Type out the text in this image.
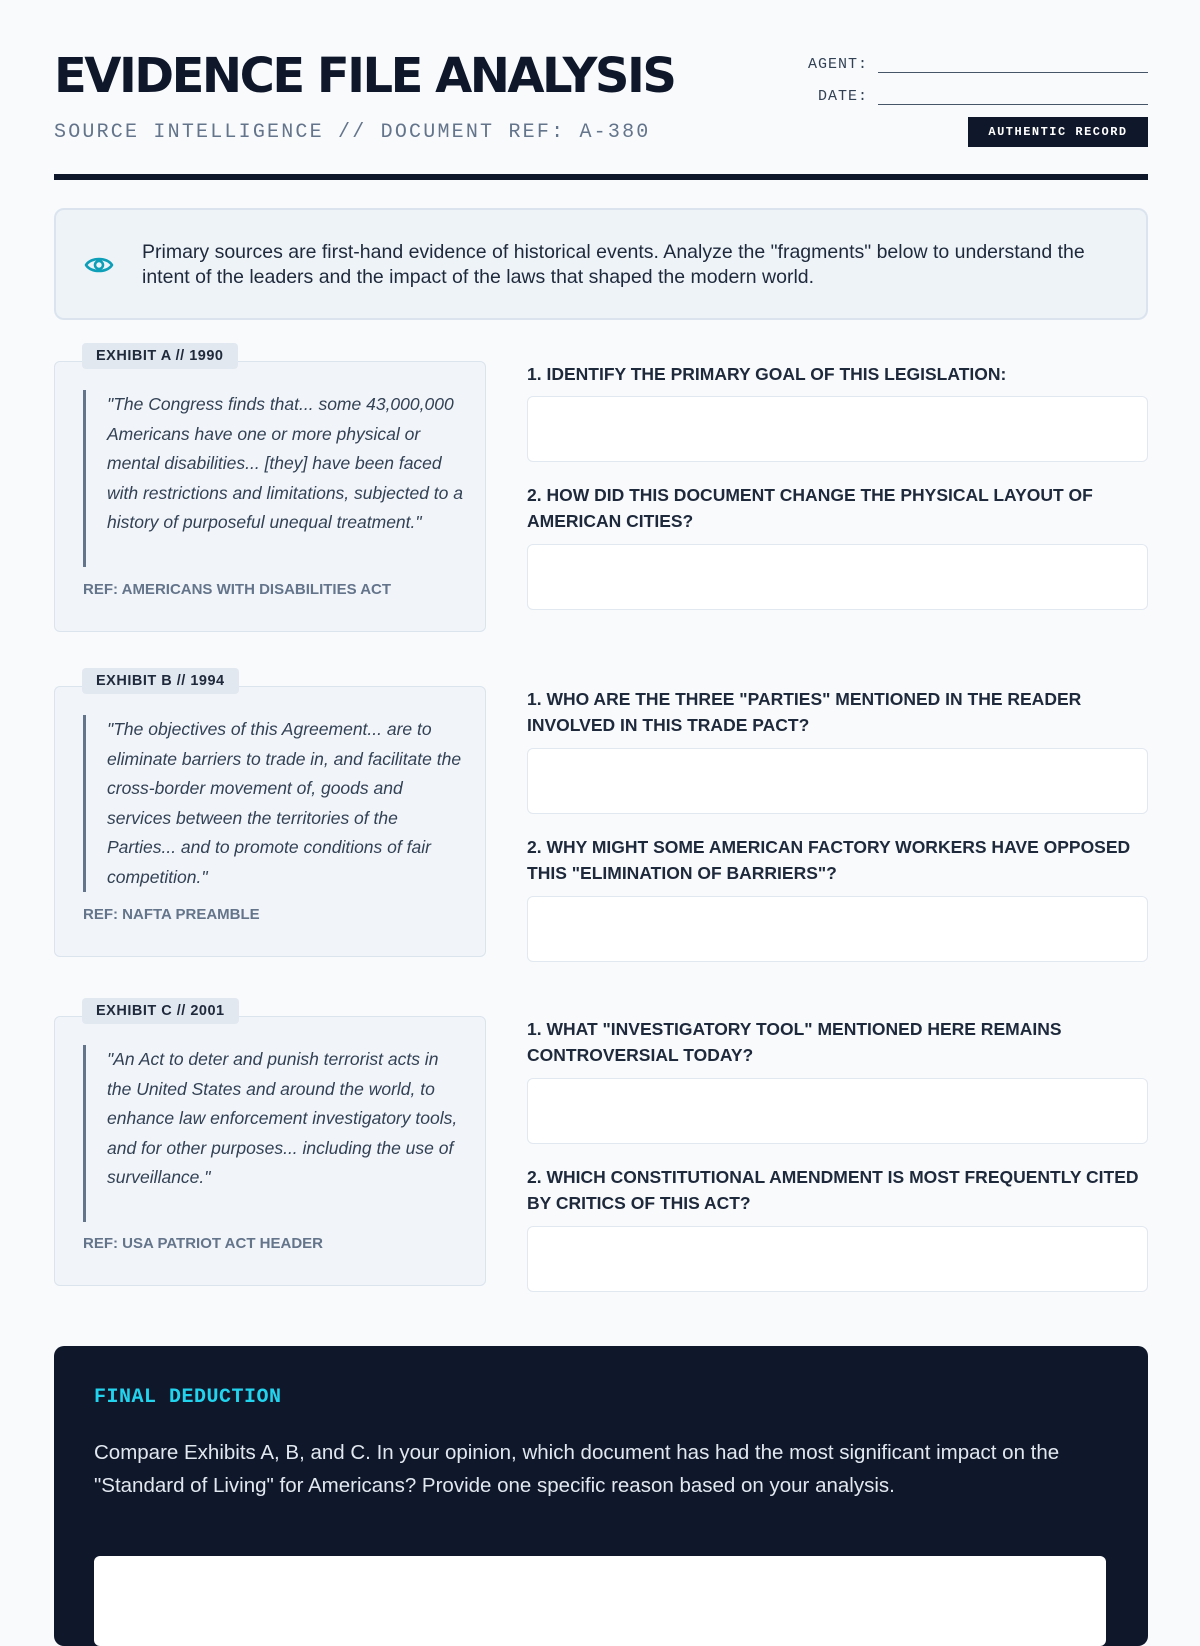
EVIDENCE FILE ANALYSIS
SOURCE INTELLIGENCE // DOCUMENT REF: A-380
AGENT:
DATE:
AUTHENTIC RECORD
Primary sources are first-hand evidence of historical events. Analyze the "fragments" below to understand the intent of the leaders and the impact of the laws that shaped the modern world.
EXHIBIT A // 1990
"The Congress finds that... some 43,000,000 Americans have one or more physical or mental disabilities... [they] have been faced with restrictions and limitations, subjected to a history of purposeful unequal treatment."
REF: AMERICANS WITH DISABILITIES ACT
1. IDENTIFY THE PRIMARY GOAL OF THIS LEGISLATION:
2. HOW DID THIS DOCUMENT CHANGE THE PHYSICAL LAYOUT OF AMERICAN CITIES?
EXHIBIT B // 1994
"The objectives of this Agreement... are to eliminate barriers to trade in, and facilitate the cross-border movement of, goods and services between the territories of the Parties... and to promote conditions of fair competition."
REF: NAFTA PREAMBLE
1. WHO ARE THE THREE "PARTIES" MENTIONED IN THE READER INVOLVED IN THIS TRADE PACT?
2. WHY MIGHT SOME AMERICAN FACTORY WORKERS HAVE OPPOSED THIS "ELIMINATION OF BARRIERS"?
EXHIBIT C // 2001
"An Act to deter and punish terrorist acts in the United States and around the world, to enhance law enforcement investigatory tools, and for other purposes... including the use of surveillance."
REF: USA PATRIOT ACT HEADER
1. WHAT "INVESTIGATORY TOOL" MENTIONED HERE REMAINS CONTROVERSIAL TODAY?
2. WHICH CONSTITUTIONAL AMENDMENT IS MOST FREQUENTLY CITED BY CRITICS OF THIS ACT?
FINAL DEDUCTION
Compare Exhibits A, B, and C. In your opinion, which document has had the most significant impact on the "Standard of Living" for Americans? Provide one specific reason based on your analysis.
